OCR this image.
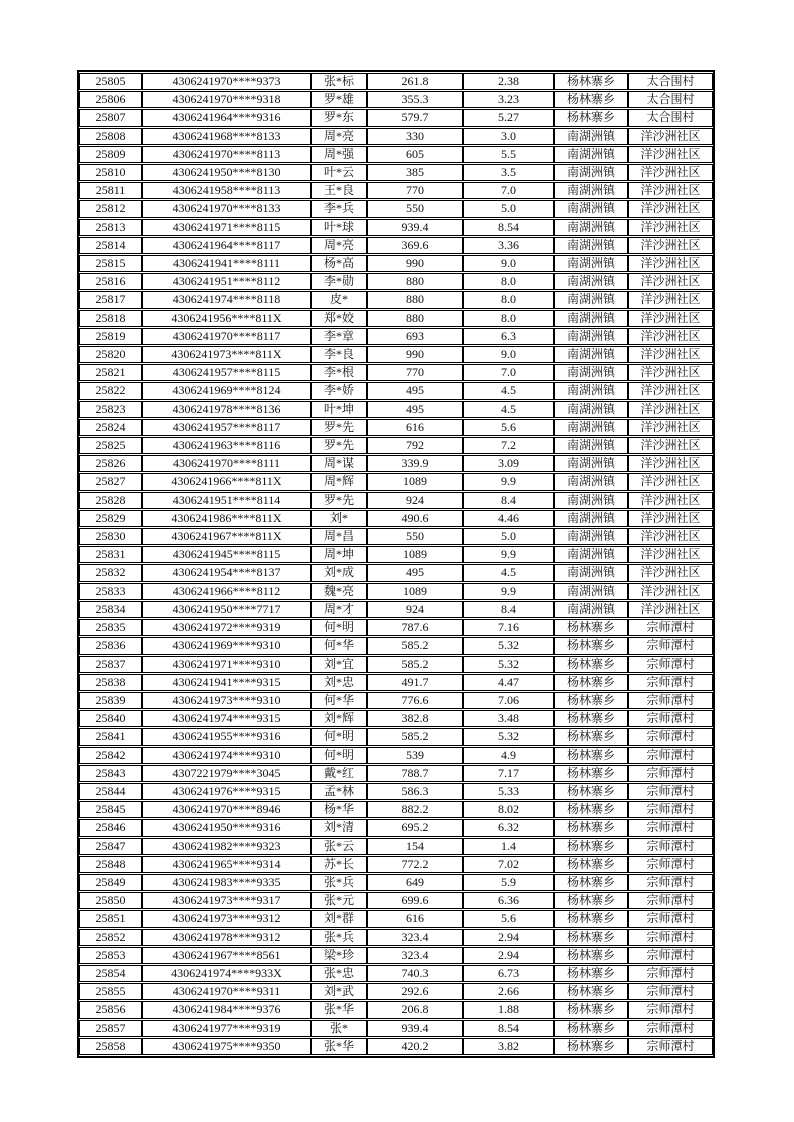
25805	4306241970****9373	张*标	261.8	2.38	杨林寨乡	太合围村
25806	4306241970****9318	罗*雄	355.3	3.23	杨林寨乡	太合围村
25807	4306241964****9316	罗*东	579.7	5.27	杨林寨乡	太合围村
25808	4306241968****8133	周*亮	330	3.0	南湖洲镇	洋沙洲社区
25809	4306241970****8113	周*强	605	5.5	南湖洲镇	洋沙洲社区
25810	4306241950****8130	叶*云	385	3.5	南湖洲镇	洋沙洲社区
25811	4306241958****8113	王*良	770	7.0	南湖洲镇	洋沙洲社区
25812	4306241970****8133	李*兵	550	5.0	南湖洲镇	洋沙洲社区
25813	4306241971****8115	叶*球	939.4	8.54	南湖洲镇	洋沙洲社区
25814	4306241964****8117	周*亮	369.6	3.36	南湖洲镇	洋沙洲社区
25815	4306241941****8111	杨*高	990	9.0	南湖洲镇	洋沙洲社区
25816	4306241951****8112	李*勋	880	8.0	南湖洲镇	洋沙洲社区
25817	4306241974****8118	皮*	880	8.0	南湖洲镇	洋沙洲社区
25818	4306241956****811X	郑*姣	880	8.0	南湖洲镇	洋沙洲社区
25819	4306241970****8117	李*章	693	6.3	南湖洲镇	洋沙洲社区
25820	4306241973****811X	李*良	990	9.0	南湖洲镇	洋沙洲社区
25821	4306241957****8115	李*根	770	7.0	南湖洲镇	洋沙洲社区
25822	4306241969****8124	李*娇	495	4.5	南湖洲镇	洋沙洲社区
25823	4306241978****8136	叶*坤	495	4.5	南湖洲镇	洋沙洲社区
25824	4306241957****8117	罗*先	616	5.6	南湖洲镇	洋沙洲社区
25825	4306241963****8116	罗*先	792	7.2	南湖洲镇	洋沙洲社区
25826	4306241970****8111	周*谋	339.9	3.09	南湖洲镇	洋沙洲社区
25827	4306241966****811X	周*辉	1089	9.9	南湖洲镇	洋沙洲社区
25828	4306241951****8114	罗*先	924	8.4	南湖洲镇	洋沙洲社区
25829	4306241986****811X	刘*	490.6	4.46	南湖洲镇	洋沙洲社区
25830	4306241967****811X	周*昌	550	5.0	南湖洲镇	洋沙洲社区
25831	4306241945****8115	周*坤	1089	9.9	南湖洲镇	洋沙洲社区
25832	4306241954****8137	刘*成	495	4.5	南湖洲镇	洋沙洲社区
25833	4306241966****8112	魏*亮	1089	9.9	南湖洲镇	洋沙洲社区
25834	4306241950****7717	周*才	924	8.4	南湖洲镇	洋沙洲社区
25835	4306241972****9319	何*明	787.6	7.16	杨林寨乡	宗师潭村
25836	4306241969****9310	何*华	585.2	5.32	杨林寨乡	宗师潭村
25837	4306241971****9310	刘*宜	585.2	5.32	杨林寨乡	宗师潭村
25838	4306241941****9315	刘*忠	491.7	4.47	杨林寨乡	宗师潭村
25839	4306241973****9310	何*华	776.6	7.06	杨林寨乡	宗师潭村
25840	4306241974****9315	刘*辉	382.8	3.48	杨林寨乡	宗师潭村
25841	4306241955****9316	何*明	585.2	5.32	杨林寨乡	宗师潭村
25842	4306241974****9310	何*明	539	4.9	杨林寨乡	宗师潭村
25843	4307221979****3045	戴*红	788.7	7.17	杨林寨乡	宗师潭村
25844	4306241976****9315	孟*林	586.3	5.33	杨林寨乡	宗师潭村
25845	4306241970****8946	杨*华	882.2	8.02	杨林寨乡	宗师潭村
25846	4306241950****9316	刘*清	695.2	6.32	杨林寨乡	宗师潭村
25847	4306241982****9323	张*云	154	1.4	杨林寨乡	宗师潭村
25848	4306241965****9314	苏*长	772.2	7.02	杨林寨乡	宗师潭村
25849	4306241983****9335	张*兵	649	5.9	杨林寨乡	宗师潭村
25850	4306241973****9317	张*元	699.6	6.36	杨林寨乡	宗师潭村
25851	4306241973****9312	刘*群	616	5.6	杨林寨乡	宗师潭村
25852	4306241978****9312	张*兵	323.4	2.94	杨林寨乡	宗师潭村
25853	4306241967****8561	梁*珍	323.4	2.94	杨林寨乡	宗师潭村
25854	4306241974****933X	张*忠	740.3	6.73	杨林寨乡	宗师潭村
25855	4306241970****9311	刘*武	292.6	2.66	杨林寨乡	宗师潭村
25856	4306241984****9376	张*华	206.8	1.88	杨林寨乡	宗师潭村
25857	4306241977****9319	张*	939.4	8.54	杨林寨乡	宗师潭村
25858	4306241975****9350	张*华	420.2	3.82	杨林寨乡	宗师潭村
